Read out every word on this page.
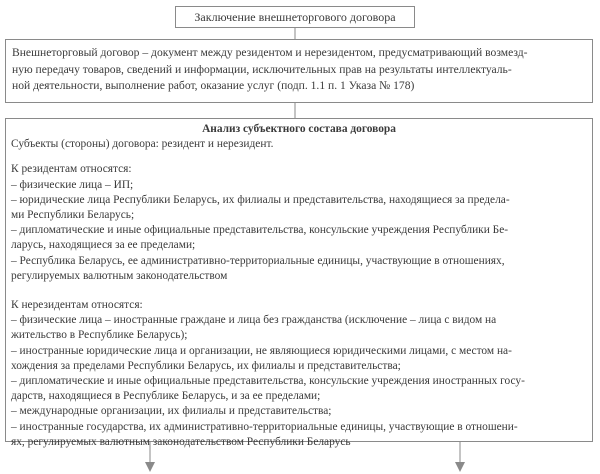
Заключение внешнеторгового договора
Внешнеторговый договор – документ между резидентом и нерезидентом, предусматривающий возмезд-
ную передачу товаров, сведений и информации, исключительных прав на результаты интеллектуаль-
ной деятельности, выполнение работ, оказание услуг (подп. 1.1 п. 1 Указа № 178)
Анализ субъектного состава договора
Субъекты (стороны) договора: резидент и нерезидент.
К резидентам относятся:
– физические лица – ИП;
– юридические лица Республики Беларусь, их филиалы и представительства, находящиеся за предела-
ми Республики Беларусь;
– дипломатические и иные официальные представительства, консульские учреждения Республики Бе-
ларусь, находящиеся за ее пределами;
– Республика Беларусь, ее административно-территориальные единицы, участвующие в отношениях,
регулируемых валютным законодательством
К нерезидентам относятся:
– физические лица – иностранные граждане и лица без гражданства (исключение – лица с видом на
жительство в Республике Беларусь);
– иностранные юридические лица и организации, не являющиеся юридическими лицами, с местом на-
хождения за пределами Республики Беларусь, их филиалы и представительства;
– дипломатические и иные официальные представительства, консульские учреждения иностранных госу-
дарств, находящиеся в Республике Беларусь, и за ее пределами;
– международные организации, их филиалы и представительства;
– иностранные государства, их административно-территориальные единицы, участвующие в отношени-
ях, регулируемых валютным законодательством Республики Беларусь
